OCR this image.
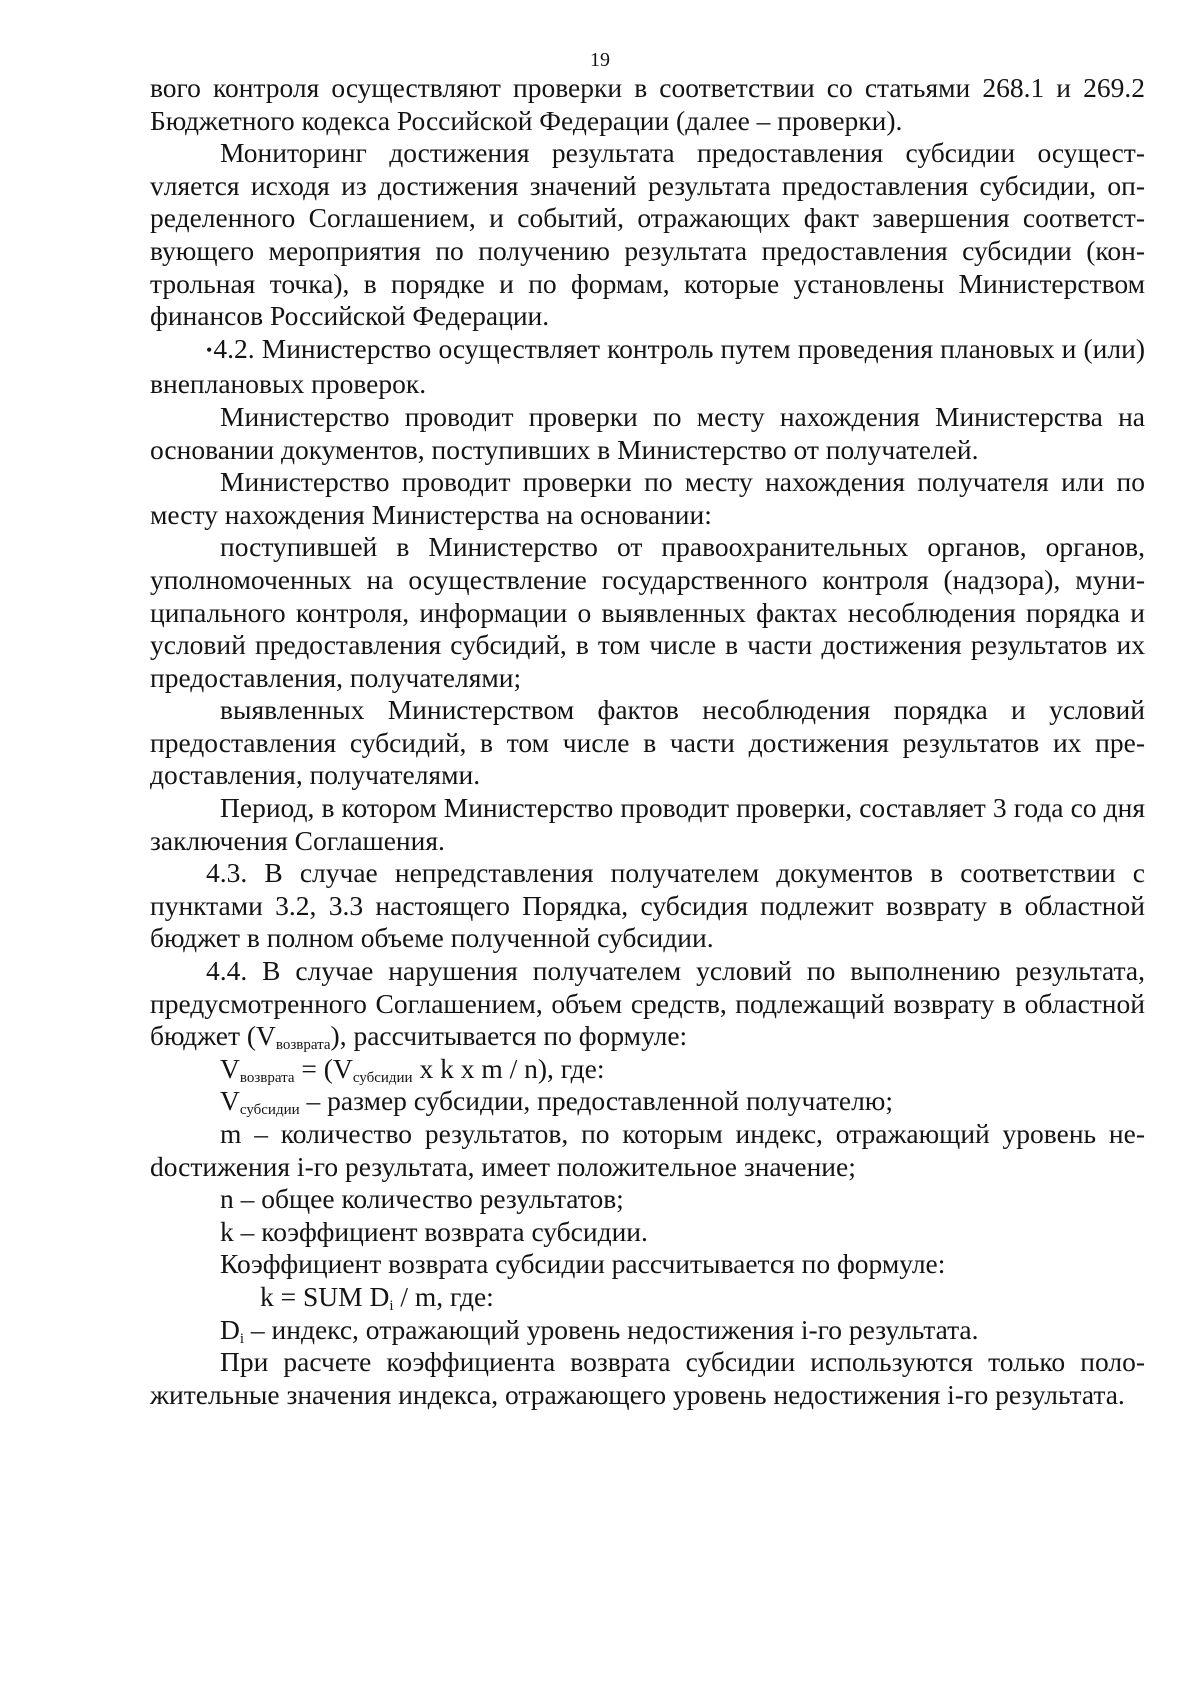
19

вого контроля осуществляют проверки в соответствии со статьями 268.1 и 269.2 Бюджетного кодекса Российской Федерации (далее – проверки).

Мониторинг достижения результата предоставления субсидии осущестvляется исходя из достижения значений результата предоставления субсидии, определенного Соглашением, и событий, отражающих факт завершения соответствующего мероприятия по получению результата предоставления субсидии (контрольная точка), в порядке и по формам, которые установлены Министерством финансов Российской Федерации.

•4.2. Министерство осуществляет контроль путем проведения плановых и (или) внеплановых проверок.

Министерство проводит проверки по месту нахождения Министерства на основании документов, поступивших в Министерство от получателей.

Министерство проводит проверки по месту нахождения получателя или по месту нахождения Министерства на основании:

поступившей в Министерство от правоохранительных органов, органов, уполномоченных на осуществление государственного контроля (надзора), муниципального контроля, информации о выявленных фактах несоблюдения порядка и условий предоставления субсидий, в том числе в части достижения результатов их предоставления, получателями;

выявленных Министерством фактов несоблюдения порядка и условий предоставления субсидий, в том числе в части достижения результатов их предоставления, получателями.

Период, в котором Министерство проводит проверки, составляет 3 года со дня заключения Соглашения.

4.3. В случае непредставления получателем документов в соответствии с пунктами 3.2, 3.3 настоящего Порядка, субсидия подлежит возврату в областной бюджет в полном объеме полученной субсидии.

4.4. В случае нарушения получателем условий по выполнению результата, предусмотренного Соглашением, объем средств, подлежащий возврату в областной бюджет $(V_{возврата})$, рассчитывается по формуле:

$V_{возврата} = (V_{субсидии}$ x k x m / n), где:

$V_{субсидии}$ – размер субсидии, предоставленной получателю;

m – количество результатов, по которым индекс, отражающий уровень неdостижения i-го результата, имеет положительное значение;

n – общее количество результатов;

k – коэффициент возврата субсидии.

Коэффициент возврата субсидии рассчитывается по формуле:

k = SUM $D_i$ / m, где:

$D_i$ – индекс, отражающий уровень недостижения i-го результата.

При расчете коэффициента возврата субсидии используются только положительные значения индекса, отражающего уровень недостижения i-го результата.
